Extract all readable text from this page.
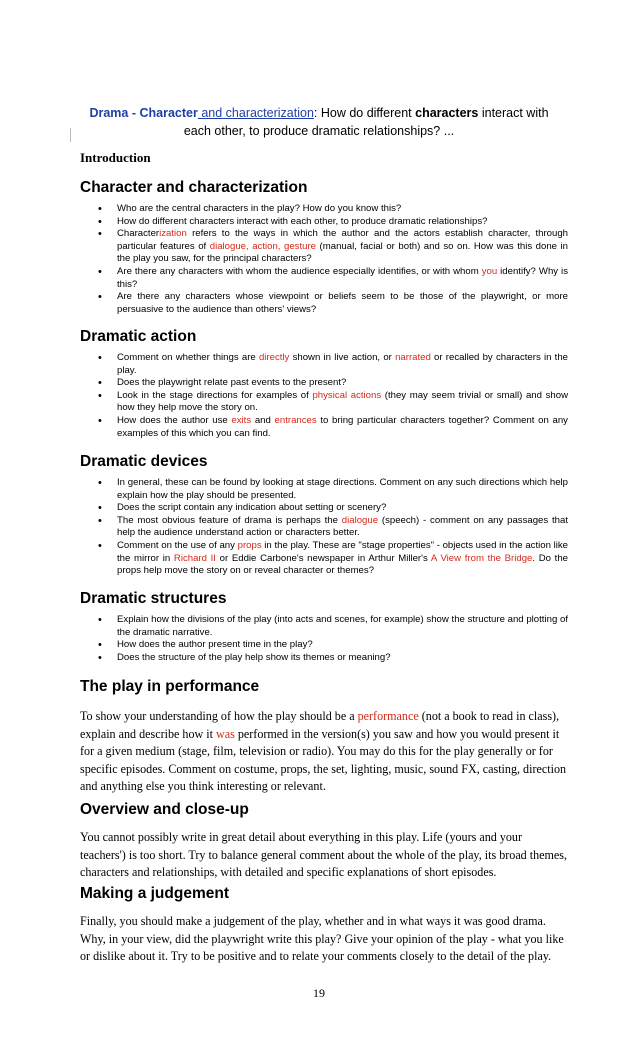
Drama - Character and characterization: How do different characters interact with
each other, to produce dramatic relationships? ...
Introduction
Character and characterization
• Who are the central characters in the play? How do you know this?
• How do different characters interact with each other, to produce dramatic relationships?
• Characterization refers to the ways in which the author and the actors establish character, through particular features of dialogue, action, gesture (manual, facial or both) and so on. How was this done in the play you saw, for the principal characters?
• Are there any characters with whom the audience especially identifies, or with whom you identify? Why is this?
• Are there any characters whose viewpoint or beliefs seem to be those of the playwright, or more persuasive to the audience than others' views?
Dramatic action
• Comment on whether things are directly shown in live action, or narrated or recalled by characters in the play.
• Does the playwright relate past events to the present?
• Look in the stage directions for examples of physical actions (they may seem trivial or small) and show how they help move the story on.
• How does the author use exits and entrances to bring particular characters together? Comment on any examples of this which you can find.
Dramatic devices
• In general, these can be found by looking at stage directions. Comment on any such directions which help explain how the play should be presented.
• Does the script contain any indication about setting or scenery?
• The most obvious feature of drama is perhaps the dialogue (speech) - comment on any passages that help the audience understand action or characters better.
• Comment on the use of any props in the play. These are "stage properties" - objects used in the action like the mirror in Richard II or Eddie Carbone's newspaper in Arthur Miller's A View from the Bridge. Do the props help move the story on or reveal character or themes?
Dramatic structures
• Explain how the divisions of the play (into acts and scenes, for example) show the structure and plotting of the dramatic narrative.
• How does the author present time in the play?
• Does the structure of the play help show its themes or meaning?
The play in performance

To show your understanding of how the play should be a performance (not a book to read in class), explain and describe how it was performed in the version(s) you saw and how you would present it for a given medium (stage, film, television or radio). You may do this for the play generally or for specific episodes. Comment on costume, props, the set, lighting, music, sound FX, casting, direction and anything else you think interesting or relevant.

Overview and close-up

You cannot possibly write in great detail about everything in this play. Life (yours and your teachers') is too short. Try to balance general comment about the whole of the play, its broad themes, characters and relationships, with detailed and specific explanations of short episodes.

Making a judgement

Finally, you should make a judgement of the play, whether and in what ways it was good drama. Why, in your view, did the playwright write this play? Give your opinion of the play - what you like or dislike about it. Try to be positive and to relate your comments closely to the detail of the play.

19
